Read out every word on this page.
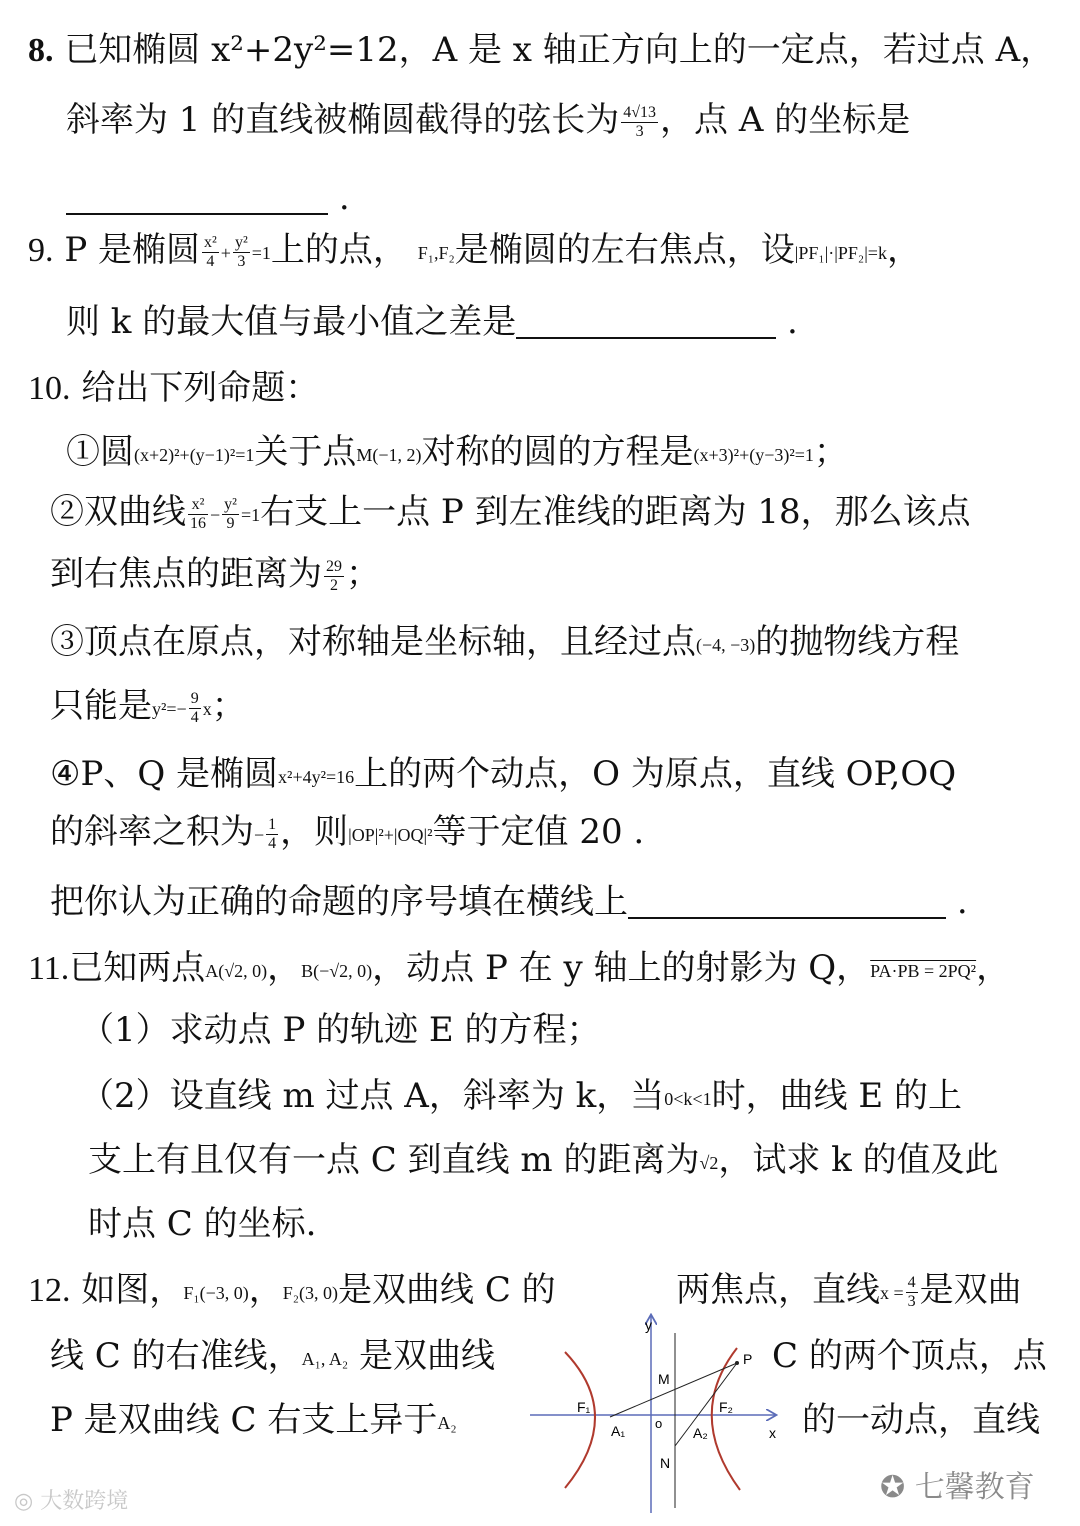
8. 已知椭圆 x²+2y²=12，A 是 x 轴正方向上的一定点，若过点 A，
斜率为 1 的直线被椭圆截得的弦长为 $\frac{4√13}{3}$ ，点 A 的坐标是
.
9. P 是椭圆 $\frac{\text{x²}}{4} + \frac{\text{y²}}{3} =1$上的点， F₁,F₂是椭圆的左右焦点，设|PF₁|·|PF₂|=k，
则 k 的最大值与最小值之差是	.
10. 给出下列命题：
①圆(x+2)²+(y−1)²=1关于点M(−1, 2)对称的圆的方程是(x+3)²+(y−3)²=1；
②双曲线 $\frac{\text{x²}}{16} - \frac{\text{y²}}{9} =1$右支上一点 P 到左准线的距离为 18，那么该点
到右焦点的距离为 $\frac{29}{2}$ ；
③顶点在原点，对称轴是坐标轴，且经过点(−4, −3)的抛物线方程
只能是$y^2=- \frac{9}{4}$ x；
④P、Q 是椭圆x²+4y²=16上的两个动点，O 为原点，直线 OP,OQ
的斜率之积为− $\frac{1}{4}$ ，则|OP|²+|OQ|²等于定值 20 .
把你认为正确的命题的序号填在横线上	.
11.已知两点A(√2, 0)，B(−√2, 0)，动点 P 在 y 轴上的射影为 Q，PA·PB = 2PQ²，
（1）求动点 P 的轨迹 E 的方程；
（2）设直线 m 过点 A，斜率为 k，当0<k<1时，曲线 E 的上
支上有且仅有一点 C 到直线 m 的距离为√2，试求 k 的值及此
时点 C 的坐标.
12. 如图，F₁(−3, 0)，F₂(3, 0)是双曲线 C 的	两焦点，直线$x = \frac{4}{3}$ 是双曲
线 C 的右准线，A₁, A₂ 是双曲线	C 的两个顶点，点
P 是双曲线 C 右支上异于A₂	的一动点，直线
y
x
o
P
M
N
F₁	F₂
A₁	A₂
◎ 大数跨境	✪ 七馨教育
